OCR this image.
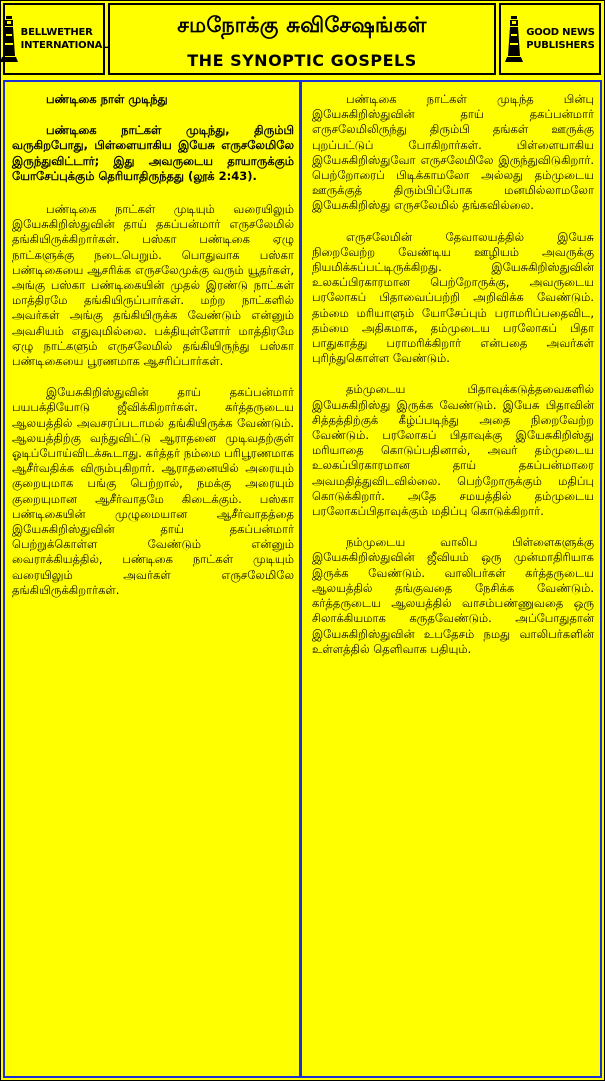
BELLWETHER
INTERNATIONAL
சமநோக்கு சுவிசேஷங்கள்
THE SYNOPTIC GOSPELS
GOOD NEWS
PUBLISHERS

பண்டிகை நாள் முடிந்து

பண்டிகை நாட்கள் முடிந்து, திரும்பி வருகிறபோது, பிள்ளையாகிய இயேசு எருசலேமிலே இருந்துவிட்டார்; இது அவருடைய தாயாருக்கும் யோசேப்புக்கும் தெரியாதிருந்தது (லூக் 2:43).

பண்டிகை நாட்கள் முடியும் வரையிலும் இயேசுகிறிஸ்துவின் தாய் தகப்பன்மார் எருசலேமில் தங்கியிருக்கிறார்கள். பஸ்கா பண்டிகை ஏழு நாட்களுக்கு நடைபெறும். பொதுவாக பஸ்கா பண்டிகையை ஆசரிக்க எருசலேமுக்கு வரும் யூதர்கள், அங்கு பஸ்கா பண்டிகையின் முதல் இரண்டு நாட்கள் மாத்திரமே தங்கியிருப்பார்கள். மற்ற நாட்களில் அவர்கள் அங்கு தங்கியிருக்க வேண்டும் என்னும் அவசியம் எதுவுமில்லை. பக்தியுள்ளோர் மாத்திரமே ஏழு நாட்களும் எருசலேமில் தங்கியிருந்து பஸ்கா பண்டிகையை பூரணமாக ஆசரிப்பார்கள்.

இயேசுகிறிஸ்துவின் தாய் தகப்பன்மார் பயபக்தியோடு ஜீவிக்கிறார்கள். கர்த்தருடைய ஆலயத்தில் அவசரப்படாமல் தங்கியிருக்க வேண்டும். ஆலயத்திற்கு வந்துவிட்டு ஆராதனை முடிவதற்குள் ஓடிப்போய்விடக்கூடாது. கர்த்தர் நம்மை பரிபூரணமாக ஆசீர்வதிக்க விரும்புகிறார். ஆராதனையில் அரையும் குறையுமாக பங்கு பெற்றால், நமக்கு அரையும் குறையுமான ஆசீர்வாதமே கிடைக்கும். பஸ்கா பண்டிகையின் முழுமையான ஆசீர்வாதத்தை இயேசுகிறிஸ்துவின் தாய் தகப்பன்மார் பெற்றுக்கொள்ள வேண்டும் என்னும் வைராக்கியத்தில், பண்டிகை நாட்கள் முடியும் வரையிலும் அவர்கள் எருசலேமிலே தங்கியிருக்கிறார்கள்.

பண்டிகை நாட்கள் முடிந்த பின்பு இயேசுகிறிஸ்துவின் தாய் தகப்பன்மார் எருசலேமிலிருந்து திரும்பி தங்கள் ஊருக்கு புறப்பட்டுப் போகிறார்கள். பிள்ளையாகிய இயேசுகிறிஸ்துவோ எருசலேமிலே இருந்துவிடுகிறார். பெற்றோரைப் பிடிக்காமலோ அல்லது தம்முடைய ஊருக்குத் திரும்பிப்போக மனமில்லாமலோ இயேசுகிறிஸ்து எருசலேமில் தங்கவில்லை.

எருசலேமின் தேவாலயத்தில் இயேசு நிறைவேற்ற வேண்டிய ஊழியம் அவருக்கு நியமிக்கப்பட்டிருக்கிறது. இயேசுகிறிஸ்துவின் உலகப்பிரகாரமான பெற்றோருக்கு, அவருடைய பரலோகப் பிதாவைப்பற்றி அறிவிக்க வேண்டும். தம்மை மரியாளும் யோசேப்பும் பராமரிப்பதைவிட, தம்மை அதிகமாக, தம்முடைய பரலோகப் பிதா பாதுகாத்து பராமரிக்கிறார் என்பதை அவர்கள் புரிந்துகொள்ள வேண்டும்.

தம்முடைய பிதாவுக்கடுத்தவைகளில் இயேசுகிறிஸ்து இருக்க வேண்டும். இயேசு பிதாவின் சித்தத்திற்குக் கீழ்ப்படிந்து அதை நிறைவேற்ற வேண்டும். பரலோகப் பிதாவுக்கு இயேசுகிறிஸ்து மரியாதை கொடுப்பதினால், அவர் தம்முடைய உலகப்பிரகாரமான தாய் தகப்பன்மாரை அவமதித்துவிடவில்லை. பெற்றோருக்கும் மதிப்பு கொடுக்கிறார். அதே சமயத்தில் தம்முடைய பரலோகப்பிதாவுக்கும் மதிப்பு கொடுக்கிறார்.

நம்முடைய வாலிப பிள்ளைகளுக்கு இயேசுகிறிஸ்துவின் ஜீவியம் ஒரு முன்மாதிரியாக இருக்க வேண்டும். வாலிபர்கள் கர்த்தருடைய ஆலயத்தில் தங்குவதை நேசிக்க வேண்டும். கர்த்தருடைய ஆலயத்தில் வாசம்பண்ணுவதை ஒரு சிலாக்கியமாக கருதவேண்டும். அப்போதுதான் இயேசுகிறிஸ்துவின் உபதேசம் நமது வாலிபர்களின் உள்ளத்தில் தெளிவாக பதியும்.
